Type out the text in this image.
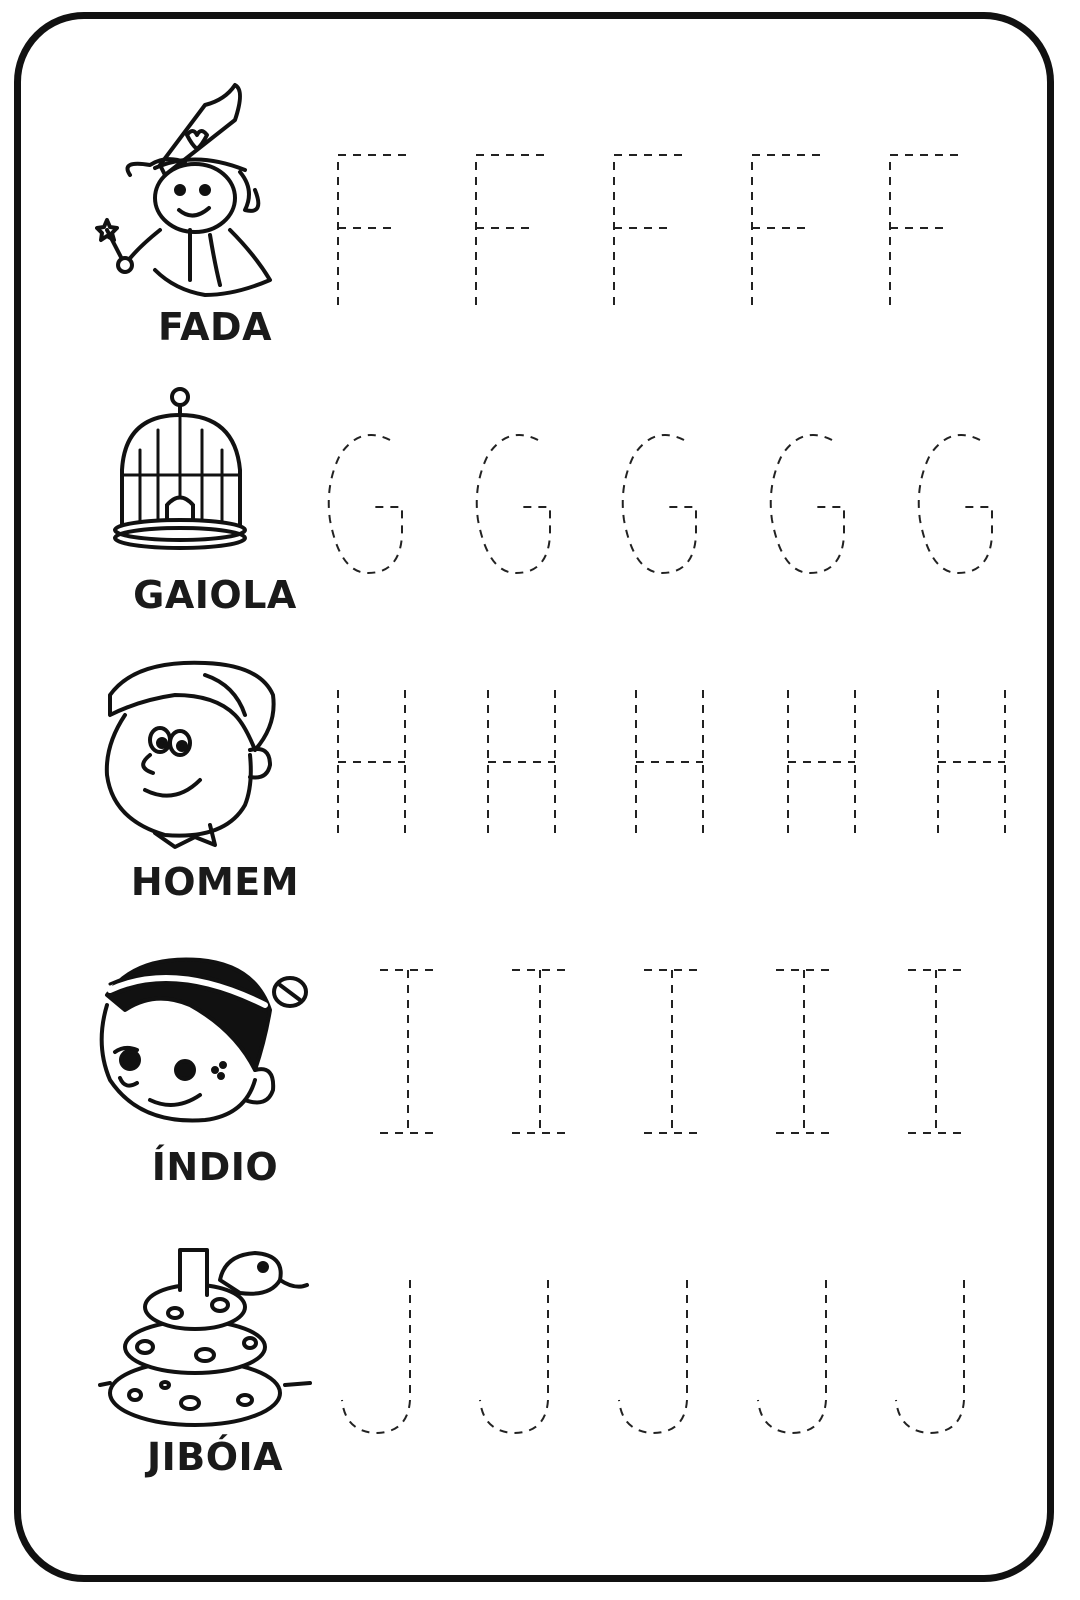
FADA
GAIOLA
HOMEM
ÍNDIO
JIBÓIA
